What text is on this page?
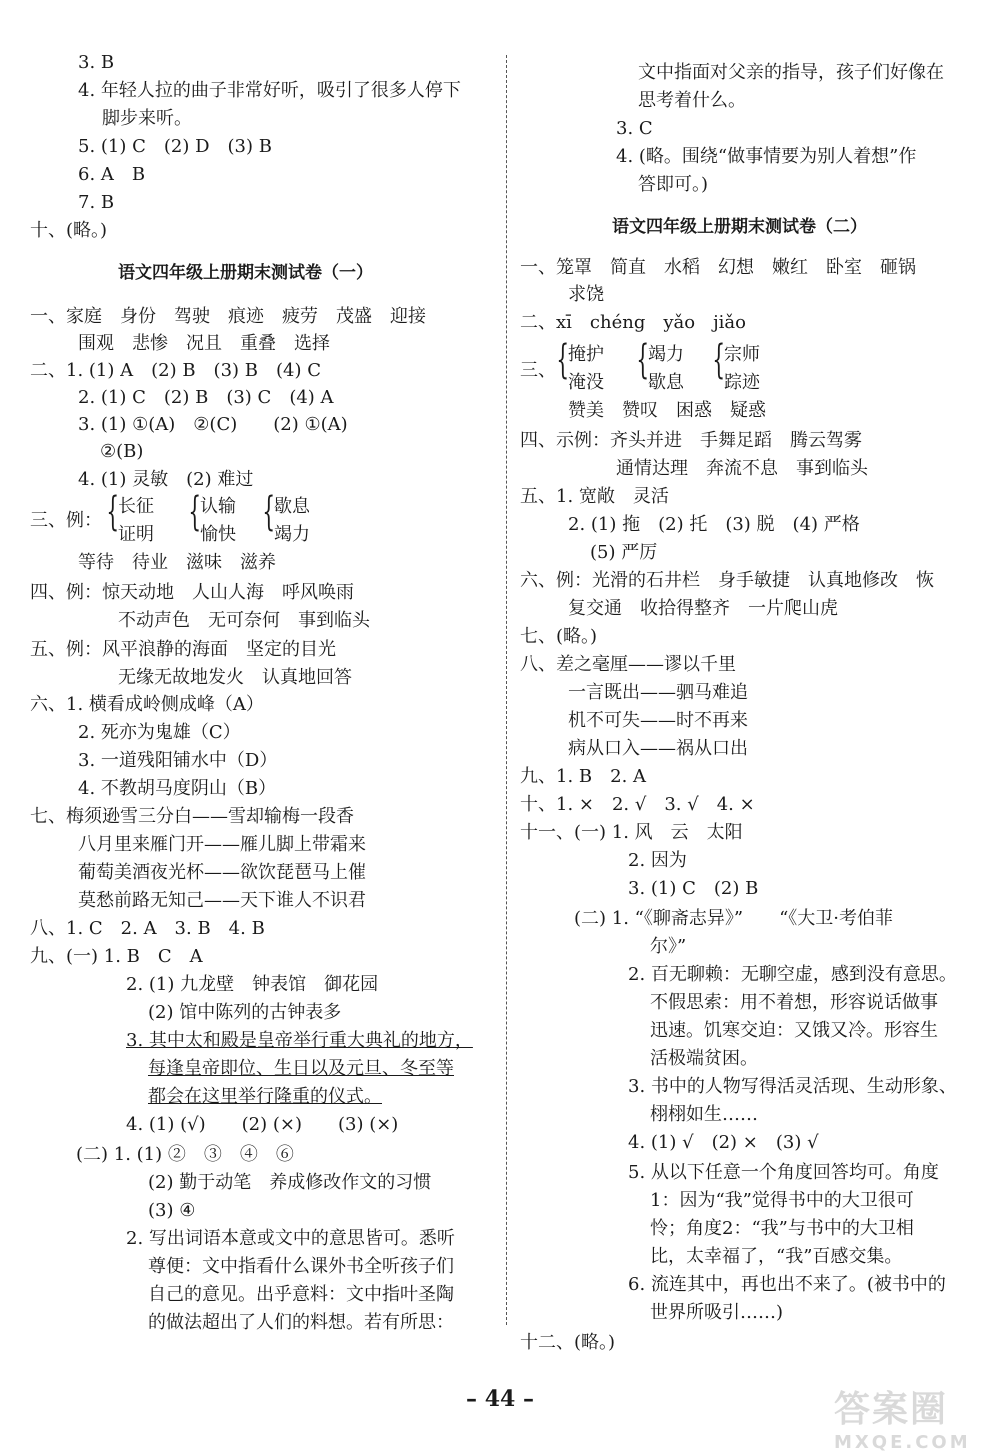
3. B
4. 年轻人拉的曲子非常好听，吸引了很多人停下
脚步来听。
5. (1) C　(2) D　(3) B
6. A　B
7. B
十、(略。)
语文四年级上册期末测试卷（一）
一、家庭　身份　驾驶　痕迹　疲劳　茂盛　迎接
围观　悲惨　况且　重叠　选择
二、1. (1) A　(2) B　(3) B　(4) C
2. (1) C　(2) B　(3) C　(4) A
3. (1) ①(A)　②(C)　　(2) ①(A)
②(B)
4. (1) 灵敏　(2) 难过
三、例： {
长征
证明 {
认输
愉快 {
歇息
竭力
等待　待业　滋味　滋养
四、例：惊天动地　人山人海　呼风唤雨
不动声色　无可奈何　事到临头
五、例：风平浪静的海面　坚定的目光
无缘无故地发火　认真地回答
六、1. 横看成岭侧成峰（A）
2. 死亦为鬼雄（C）
3. 一道残阳铺水中（D）
4. 不教胡马度阴山（B）
七、梅须逊雪三分白——雪却输梅一段香
八月里来雁门开——雁儿脚上带霜来
葡萄美酒夜光杯——欲饮琵琶马上催
莫愁前路无知己——天下谁人不识君
八、1. C　2. A　3. B　4. B
九、(一) 1. B　C　A
2. (1) 九龙壁　钟表馆　御花园
(2) 馆中陈列的古钟表多
3. 其中太和殿是皇帝举行重大典礼的地方，
每逢皇帝即位、生日以及元旦、冬至等
都会在这里举行隆重的仪式。
4. (1) (√)　　(2) (×)　　(3) (×)
(二) 1. (1) ②　③　④　⑥
(2) 勤于动笔　养成修改作文的习惯
(3) ④
2. 写出词语本意或文中的意思皆可。悉听
尊便：文中指看什么课外书全听孩子们
自己的意见。出乎意料：文中指叶圣陶
的做法超出了人们的料想。若有所思：
文中指面对父亲的指导，孩子们好像在
思考着什么。
3. C
4. (略。围绕“做事情要为别人着想”作
答即可。)
语文四年级上册期末测试卷（二）
一、笼罩　简直　水稻　幻想　嫩红　卧室　砸锅
求饶
二、xī　chéng　yǎo　jiǎo
三、 {
掩护
淹没 {
竭力
歇息 {
宗师
踪迹
赞美　赞叹　困惑　疑惑
四、示例：齐头并进　手舞足蹈　腾云驾雾
通情达理　奔流不息　事到临头
五、1. 宽敞　灵活
2. (1) 拖　(2) 托　(3) 脱　(4) 严格
(5) 严厉
六、例：光滑的石井栏　身手敏捷　认真地修改　恢
复交通　收拾得整齐　一片爬山虎
七、(略。)
八、差之毫厘——谬以千里
一言既出——驷马难追
机不可失——时不再来
病从口入——祸从口出
九、1. B　2. A
十、1. ×　2. √　3. √　4. ×
十一、(一) 1. 风　云　太阳
2. 因为
3. (1) C　(2) B
(二) 1. “《聊斋志异》”　　“《大卫·考伯菲
尔》”
2. 百无聊赖：无聊空虚，感到没有意思。
不假思索：用不着想，形容说话做事
迅速。饥寒交迫：又饿又冷。形容生
活极端贫困。
3. 书中的人物写得活灵活现、生动形象、
栩栩如生……
4. (1) √　(2) ×　(3) √
5. 从以下任意一个角度回答均可。角度
1：因为“我”觉得书中的大卫很可
怜；角度2：“我”与书中的大卫相
比，太幸福了，“我”百感交集。
6. 流连其中，再也出不来了。(被书中的
世界所吸引……)
十二、(略。)
– 44 –	答案圈
MXQE.COM
